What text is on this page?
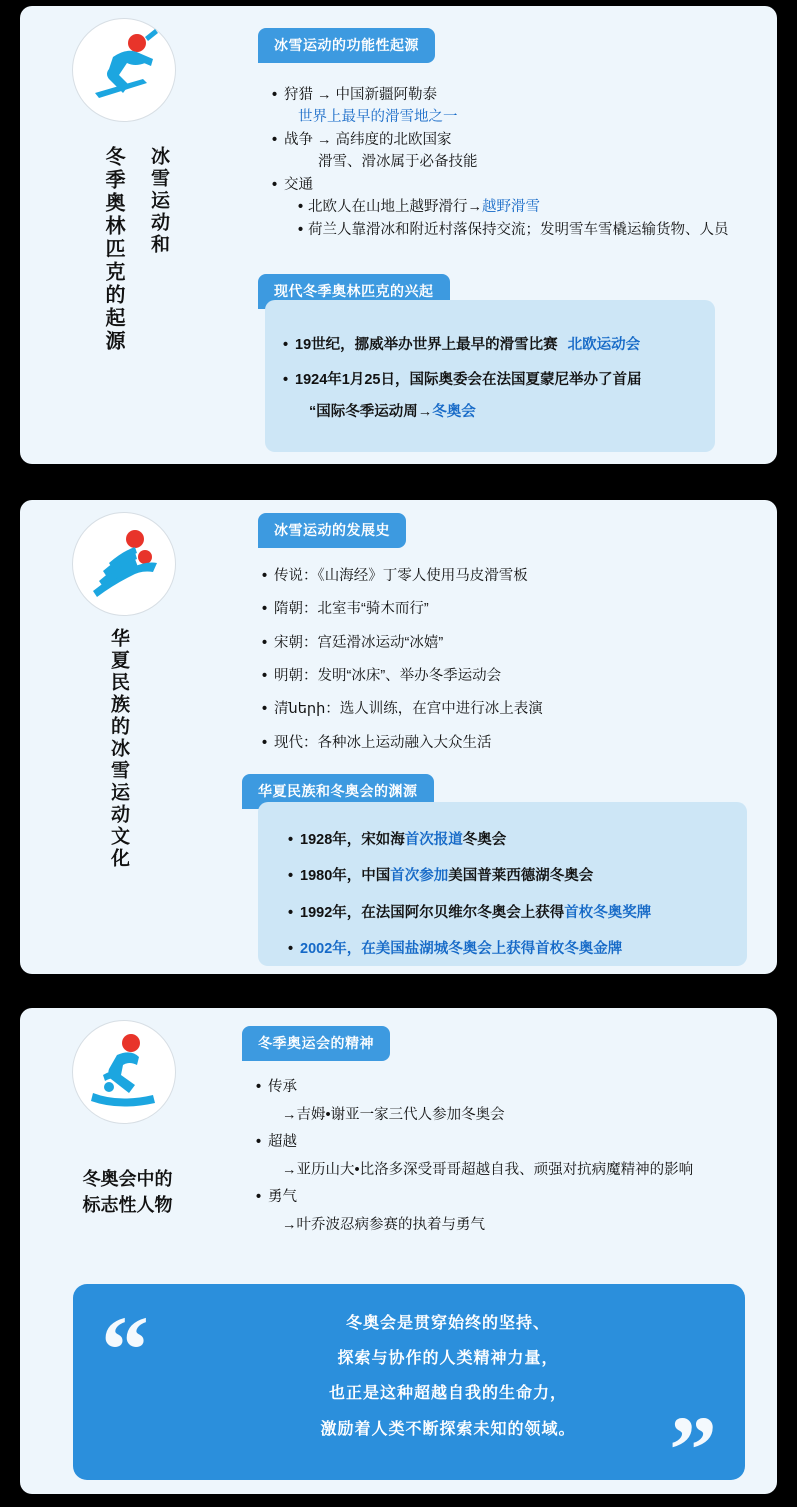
冬季奥林匹克的起源 冰雪运动和
冰雪运动的功能性起源
• 狩猎 → 中国新疆阿勒泰
世界上最早的滑雪地之一
• 战争 → 高纬度的北欧国家
滑雪、滑冰属于必备技能
• 交通
• 北欧人在山地上越野滑行→越野滑雪
• 荷兰人靠滑冰和附近村落保持交流；发明雪车雪橇运输货物、人员
现代冬季奥林匹克的兴起
• 19世纪，挪威举办世界上最早的滑雪比赛 北欧运动会
• 1924年1月25日，国际奥委会在法国夏蒙尼举办了首届
“国际冬季运动周→冬奥会
华夏民族的冰雪运动文化
冰雪运动的发展史
• 传说：《山海经》丁零人使用马皮滑雪板
• 隋朝：北室韦“骑木而行”
• 宋朝：宫廷滑冰运动“冰嬉”
• 明朝：发明“冰床”、举办冬季运动会
• 清ների：选人训练，在宫中进行冰上表演
• 现代：各种冰上运动融入大众生活
华夏民族和冬奥会的渊源
• 1928年，宋如海首次报道冬奥会
• 1980年，中国首次参加美国普莱西德湖冬奥会
• 1992年，在法国阿尔贝维尔冬奥会上获得首枚冬奥奖牌
• 2002年，在美国盐湖城冬奥会上获得首枚冬奥金牌
冬奥会中的
标志性人物
冬季奥运会的精神
• 传承
→吉姆•谢亚一家三代人参加冬奥会
• 超越
→亚历山大•比洛多深受哥哥超越自我、顽强对抗病魔精神的影响
• 勇气
→叶乔波忍病参赛的执着与勇气
“
”
冬奥会是贯穿始终的坚持、
探索与协作的人类精神力量，
也正是这种超越自我的生命力，
激励着人类不断探索未知的领域。
